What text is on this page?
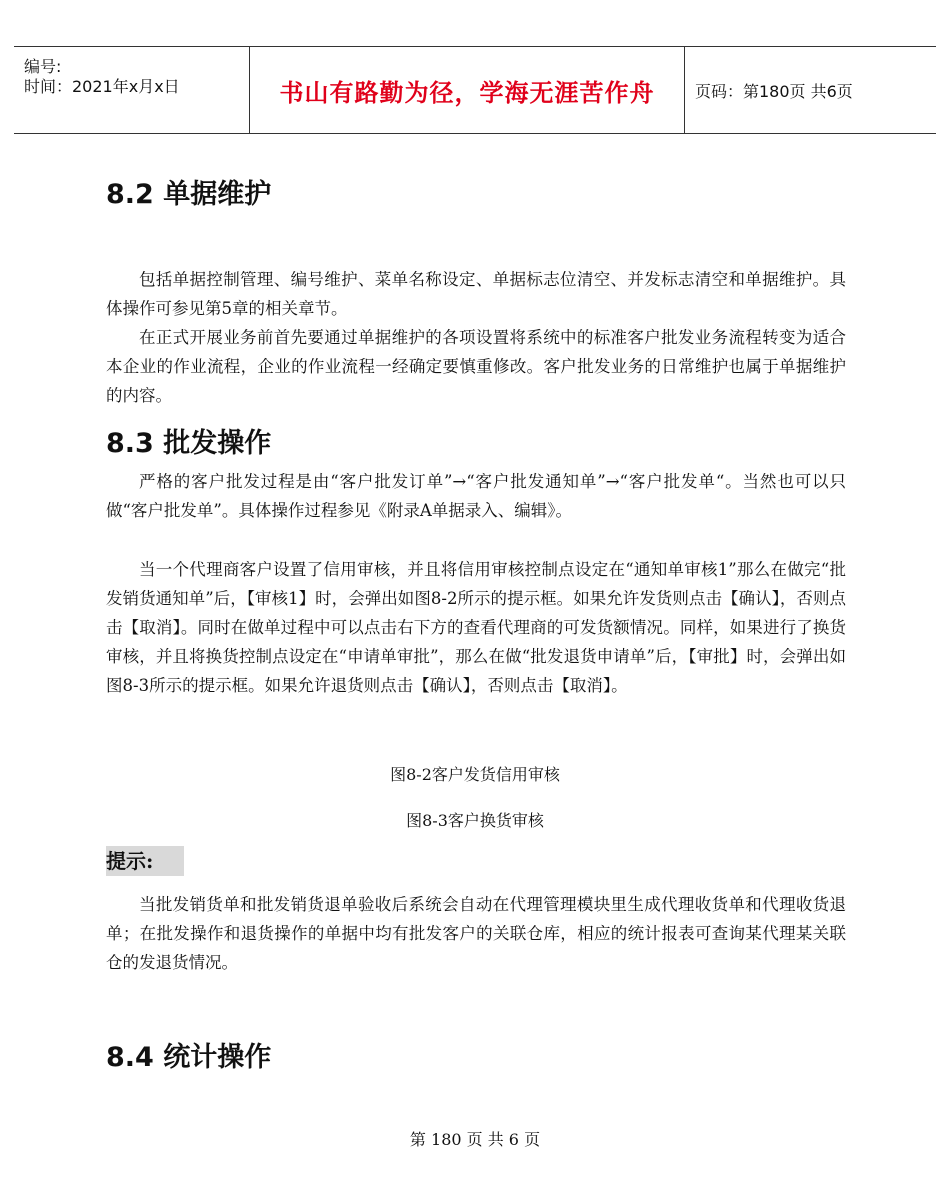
编号:
时间：2021年x月x日	书山有路勤为径，学海无涯苦作舟	页码：第180页 共6页
8.2 单据维护

包括单据控制管理、编号维护、菜单名称设定、单据标志位清空、并发标志清空和单据维护。具体操作可参见第5章的相关章节。

在正式开展业务前首先要通过单据维护的各项设置将系统中的标准客户批发业务流程转变为适合本企业的作业流程，企业的作业流程一经确定要慎重修改。客户批发业务的日常维护也属于单据维护的内容。

8.3 批发操作

严格的客户批发过程是由“客户批发订单”→“客户批发通知单”→“客户批发单“。当然也可以只做“客户批发单”。具体操作过程参见《附录A单据录入、编辑》。

当一个代理商客户设置了信用审核，并且将信用审核控制点设定在“通知单审核1”那么在做完“批发销货通知单”后，【审核1】时，会弹出如图8-2所示的提示框。如果允许发货则点击【确认】，否则点击【取消】。同时在做单过程中可以点击右下方的查看代理商的可发货额情况。同样，如果进行了换货审核，并且将换货控制点设定在“申请单审批”，那么在做“批发退货申请单”后，【审批】时，会弹出如图8-3所示的提示框。如果允许退货则点击【确认】，否则点击【取消】。

图8-2客户发货信用审核

图8-3客户换货审核

提示:

当批发销货单和批发销货退单验收后系统会自动在代理管理模块里生成代理收货单和代理收货退单；在批发操作和退货操作的单据中均有批发客户的关联仓库，相应的统计报表可查询某代理某关联仓的发退货情况。

8.4 统计操作
第 180 页 共 6 页
